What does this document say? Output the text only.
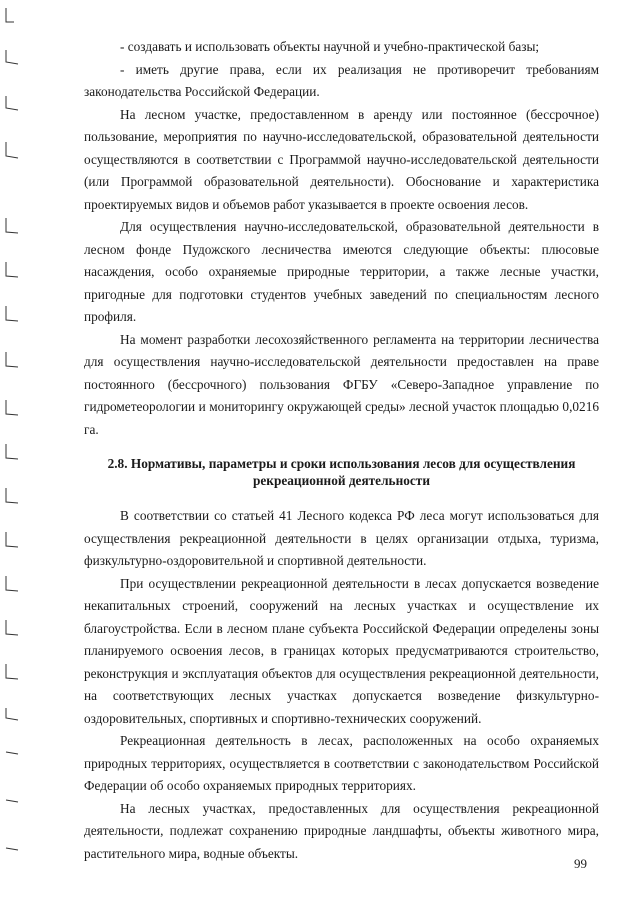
- создавать и использовать объекты научной и учебно-практической базы;

- иметь другие права, если их реализация не противоречит требованиям законодательства Российской Федерации.

На лесном участке, предоставленном в аренду или постоянное (бессрочное) пользование, мероприятия по научно-исследовательской, образовательной деятельности осуществляются в соответствии с Программой научно-исследовательской деятельности (или Программой образовательной деятельности). Обоснование и характеристика проектируемых видов и объемов работ указывается в проекте освоения лесов.

Для осуществления научно-исследовательской, образовательной деятельности в лесном фонде Пудожского лесничества имеются следующие объекты: плюсовые насаждения, особо охраняемые природные территории, а также лесные участки, пригодные для подготовки студентов учебных заведений по специальностям лесного профиля.

На момент разработки лесохозяйственного регламента на территории лесничества для осуществления научно-исследовательской деятельности предоставлен на праве постоянного (бессрочного) пользования ФГБУ «Северо-Западное управление по гидрометеорологии и мониторингу окружающей среды» лесной участок площадью 0,0216 га.

2.8. Нормативы, параметры и сроки использования лесов для осуществления
рекреационной деятельности

В соответствии со статьей 41 Лесного кодекса РФ леса могут использоваться для осуществления рекреационной деятельности в целях организации отдыха, туризма, физкультурно-оздоровительной и спортивной деятельности.

При осуществлении рекреационной деятельности в лесах допускается возведение некапитальных строений, сооружений на лесных участках и осуществление их благоустройства. Если в лесном плане субъекта Российской Федерации определены зоны планируемого освоения лесов, в границах которых предусматриваются строительство, реконструкция и эксплуатация объектов для осуществления рекреационной деятельности, на соответствующих лесных участках допускается возведение физкультурно-оздоровительных, спортивных и спортивно-технических сооружений.

Рекреационная деятельность в лесах, расположенных на особо охраняемых природных территориях, осуществляется в соответствии с законодательством Российской Федерации об особо охраняемых природных территориях.

На лесных участках, предоставленных для осуществления рекреационной деятельности, подлежат сохранению природные ландшафты, объекты животного мира, растительного мира, водные объекты.

99
